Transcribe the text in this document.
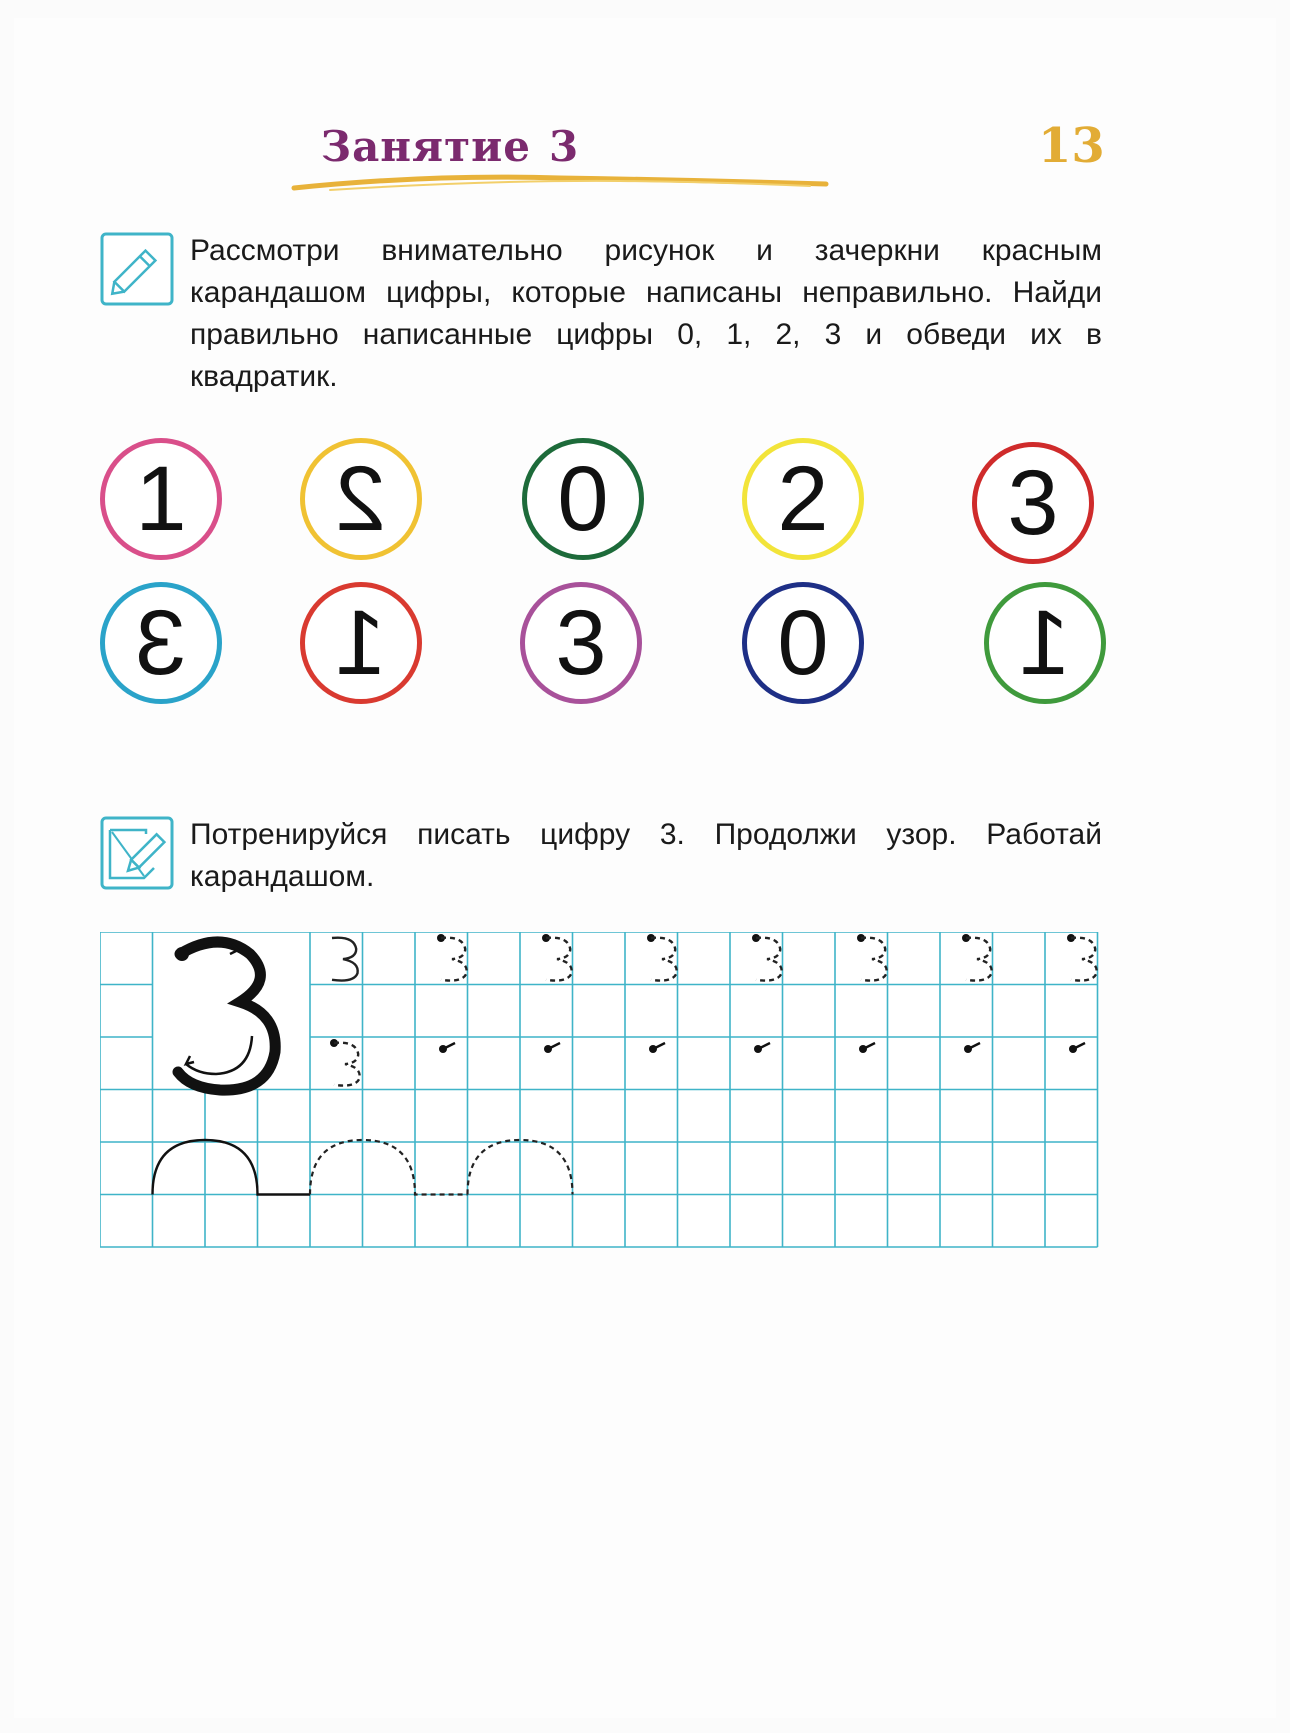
Занятие 3	13
Рассмотри внимательно рисунок и зачеркни красным карандашом цифры, которые написаны неправильно. Найди правильно написанные цифры 0, 1, 2, 3 и обведи их в квадратик.
1 2 0 2 3
3 1 3 0 1
Потренируйся писать цифру 3. Продолжи узор. Работай карандашом.
